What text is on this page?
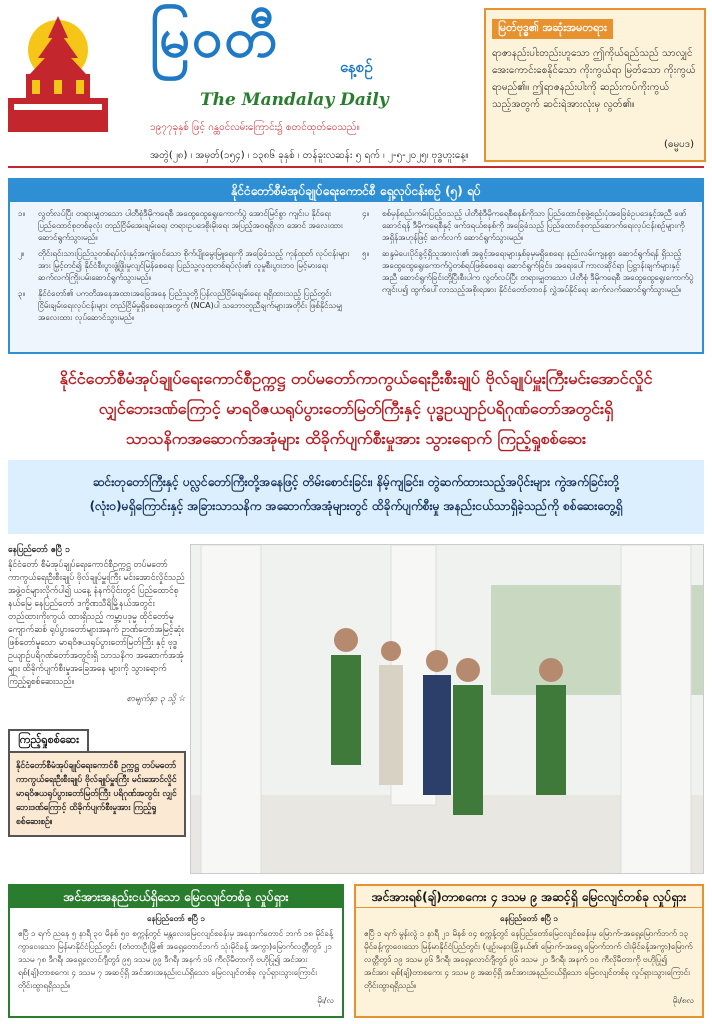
မြဝတီ	နေ့စဉ်
The Mandalay Daily
၁၉၇၇ခုနှစ် ဖြင့် ဂန္ထဝင်လမ်းကြောင်း၌ စတင်ထုတ်ဝေသည်။
အတွဲ(၂၈) ၊ အမှတ်(၁၅၄) ၊ ၁၃၈၆ ခုနှစ် ၊ တန်ခူးလဆန်း ၅ ရက် ၊ ၂-၅-၂၀၂၅၊ ဗုဒ္ဓဟူးနေ့။
မြတ်ဗုဒ္ဓ၏ အဆုံးအမတရား
ရာဇာနည်းပါးတည်းဟူသော ဤကိုယ်ရည်သည် သာလျှင် အေးကောင်းစေနိုင်သော ကိုးကွယ်ရာ မြတ်သော ကိုးကွယ်ရာမည်၏။ ဤရာဇနည်းပါးကို ဆည်းကပ်ကိုးကွယ်သည့်အတွက် ဆင်းရဲအားလုံးမှ လွတ်၏။
(ဓမ္မပဒ)
နိုင်ငံတော်စီမံအုပ်ချုပ်ရေးကောင်စီ ရှေ့လုပ်ငန်းစဉ် (၅) ရပ်
၁။	လွတ်လပ်ပြီး တရားမျှတသော ပါတီစုံဒီမိုကရေစီ အထွေထွေရွေးကောက်ပွဲ အောင်မြင်စွာ ကျင်းပ နိုင်ရေး ပြည်ထောင်စုတစ်ခုလုံး တည်ငြိမ်အေးချမ်းရေး တရားဥပဒေစိုးမိုးရေး အပြည့်အဝရရှိလာ အောင် အလေးထားဆောင်ရွက်သွားမည်။
၂။	တိုင်းရင်းသားပြည်သူတစ်ရပ်လုံးနှင့်အကျုံးဝင်သော စိုက်ပျိုးမွေးမြူရေးကို အခြေခံသည့် ကုန်ထုတ် လုပ်ငန်းများအား မြှင့်တင်၍ နိုင်ငံစီးပွားဖွံ့ဖြိုးမှုလျင်မြန်စေရေး ပြည်သူ့လူထုတစ်ရပ်လုံး၏ လူမှုစီးပွားဘဝ မြင့်မားရေး ဆက်လက်ကြိုးပမ်းဆောင်ရွက်သွားမည်။
၃။	နိုင်ငံတော်၏ ပကတိအနေအထားအခြေအနေ ပြည်သူတို့ပြန်လည်ငြိမ်းချမ်းရေး ရရှိထားသည့် ပြည်တွင်း ငြိမ်းချမ်းရေးလုပ်ငန်းများ တည်ငြိမ်မှုရှိစေရေးအတွက် (NCA)ပါ သဘောတူညီချက်များအတိုင်း ဖြစ်နိုင်သမျှ အလေးထား လုပ်ဆောင်သွားမည်။
၄။	စစ်မှန်စည်းကမ်းပြည့်ဝသည့် ပါတီစုံဒီမိုကရေစီစနစ်ကိုသာ ပြည်ထောင်စုဖွဲ့စည်းပုံအခြေခံဥပဒေနှင့်အညီ ဖော်ဆောင်ရန် ဒီမိုကရေစီနှင့် ဖက်ဒရယ်စနစ်ကို အခြေခံသည့် ပြည်ထောင်စုတည်ဆောက်ရေးလုပ်ငန်းစဉ်များကို အရှိန်အဟုန်ဖြင့် ဆက်လက် ဆောင်ရွက်သွားမည်။
၅။	ဆန္ဒမဲပေးပိုင်ခွင့်ရှိသူအားလုံး၏ အခွင့်အရေးများနှစ်ခုမှမရှိစေရေး နည်းလမ်းကျနစွာ ဆောင်ရွက်ရန် ရှိသည့် အထွေထွေရွေးကောက်ပွဲတစ်ရပ်ဖြစ်စေရေး ဆောင်ရွက်ခြင်း၊ အရေးပေါ်ကာလဆိုင်ရာ ပြဋ္ဌာန်းချက်များနှင့်အညီ ဆောင်ရွက်ခြင်းတို့ပြီးစီးပါက လွတ်လပ်ပြီး တရားမျှတသော ပါတီစုံ ဒီမိုကရေစီ အထွေထွေရွေးကောက်ပွဲကျင်းပ၍ ထွက်ပေါ်လာသည့်အစိုးရအား နိုင်ငံတော်တာဝန် လွှဲအပ်နိုင်ရေး ဆက်လက်ဆောင်ရွက်သွားမည်။
နိုင်ငံတော်စီမံအုပ်ချုပ်ရေးကောင်စီဥက္ကဋ္ဌ တပ်မတော်ကာကွယ်ရေးဦးစီးချုပ် ဗိုလ်ချုပ်မှူးကြီးမင်းအောင်လှိုင်
လျှင်ဘေးဒဏ်ကြောင့် မာရဝိဇယရုပ်ပွားတော်မြတ်ကြီးနှင့် ပုဒ္ဓဥယျာဉ်ပရိဂုဏ်တော်အတွင်းရှိ
သာသနိကအဆောက်အအုံများ ထိခိုက်ပျက်စီးမှုအား သွားရောက် ကြည့်ရှုစစ်ဆေး
ဆင်းတုတော်ကြီးနှင့် ပလ္လင်တော်ကြီးတို့အနေဖြင့် တိမ်းစောင်းခြင်း၊ နိမ့်ကျခြင်း၊ တွဲဆက်ထားသည့်အပိုင်းများ ကွဲအက်ခြင်းတို့
(လုံးဝ)မရှိကြောင်းနှင့် အခြားသာသနိက အဆောက်အအုံများတွင် ထိခိုက်ပျက်စီးမှု အနည်းငယ်သာရှိခဲ့သည်ကို စစ်ဆေးတွေ့ရှိ
နေပြည်တော် ဧပြီ ၁
နိုင်ငံတော် စီမံအုပ်ချုပ်ရေးကောင်စီဥက္ကဋ္ဌ တပ်မတော် ကာကွယ်ရေးဦးစီးချုပ် ဗိုလ်ချုပ်မှူးကြီး မင်းအောင်လှိုင်သည် အဖွဲ့ဝင်များလိုက်ပါ၍ ယနေ့ နံနက်ပိုင်းတွင် ပြည်ထောင်စုနယ်မြေ နေပြည်တော် ဒက္ခိဏသီရိမြို့နယ်အတွင်း တည်ထားကိုးကွယ် ထားရှိသည့် ကမ္ဘာ့ပဒုမ္မ ထိုင်တော်မူကျောက်ဆစ် ရုပ်ပွားတော်များအနက် ဉာဏ်တော်အမြင့်ဆုံး ဖြစ်တော်မူသော မာရဝိဇယရုပ်ပွားတော်မြတ်ကြီး နှင့် ဗုဒ္ဓဥယျာဉ်ပရိဂုဏ်တော်အတွင်းရှိ သာသနိက အဆောက်အအုံများ ထိခိုက်ပျက်စီးမှုအခြေအနေ များကို သွားရောက်ကြည့်ရှုစစ်ဆေးသည်။
စာမျက်နှာ ၃ သို့ ☆
ကြည့်ရှုစစ်ဆေး
နိုင်ငံတော်စီမံအုပ်ချုပ်ရေးကောင်စီ ဥက္ကဋ္ဌ တပ်မတော်ကာကွယ်ရေးဦးစီးချုပ် ဗိုလ်ချုပ်မှူးကြီး မင်းအောင်လှိုင် မာရဝိဇယရုပ်ပွားတော်မြတ်ကြီး ပရိဂုဏ်အတွင်း လျှင်ဘေးဒဏ်ကြောင့် ထိခိုက်ပျက်စီးမှုအား ကြည့်ရှုစစ်ဆေးစဉ်။
အင်အားအနည်းငယ်ရှိသော မြေငလျင်တစ်ခု လှုပ်ရှား
နေပြည်တော် ဧပြီ ၁
ဧပြီ ၁ ရက် ညနေ ၅ နာရီ ၃၀ မိနစ် ၅၀ စက္ကန့်တွင် မန္တလေးမြေငလျင်စခန်းမှ အနောက်တောင် ဘက် ၁၈ မိုင်ခန့်ကွာဝေးသော မြန်မာနိုင်ငံပြည်တွင်း (တံတားဦးမြို့၏ အရှေ့တောင်ဘက် သုံးမိုင်ခန့် အကွာ)မြောက်လတ္တီတွဒ် ၂၁ ဒသမ ၇၈ ဒီဂရီ၊ အရှေ့လောင်ဂျီတွဒ် ၉၅ ဒသမ ၉၉ ဒီဂရီ၊ အနက် ၁၆ ကီလိုမီတာကို ဗဟိုပြု၍ အင်အားရစ်(ချ်)တာစကေး ၄ ဒသမ ၇ အဆင့်ရှိ အင်အားအနည်းငယ်ရှိသော မြေငလျင်တစ်ခု လှုပ်ရှားသွားကြောင်း တိုင်းထွာရရှိသည်။
မိုး/လ
အင်အားရစ်(ချ်)တာစကေး ၄ ဒသမ ၉ အဆင့်ရှိ မြေငလျင်တစ်ခု လှုပ်ရှား
နေပြည်တော် ဧပြီ ၁
ဧပြီ ၁ ရက် မွန်းလွဲ ၁ နာရီ ၂၁ မိနစ် ၀၄ စက္ကန့်တွင် နေပြည်တော်မြေငလျင်စခန်းမှ မြောက်-အရှေ့မြောက်ဘက် ၁၃ မိုင်ခန့်ကွာဝေးသော မြန်မာနိုင်ငံပြည်တွင်း (ပျဉ်းမနားမြို့နယ်၏ မြောက်-အရှေ့ မြောက်ဘက် ငါးမိုင်ခန့်အကွာ)မြောက်လတ္တီတွဒ် ၁၉ ဒသမ ၉၆ ဒီဂရီ၊ အရှေ့လောင်ဂျီတွဒ် ၉၆ ဒသမ ၂၁ ဒီဂရီ၊ အနက် ၁၀ ကီလိုမီတာကို ဗဟိုပြု၍ အင်အား ရစ်(ချ်)တာစကေး ၄ ဒသမ ၉ အဆင့်ရှိ အင်အားအနည်းငယ်ရှိသော မြေငလျင်တစ်ခု လှုပ်ရှားသွားကြောင်း တိုင်းထွာရရှိသည်။
မိုး/၈လ
